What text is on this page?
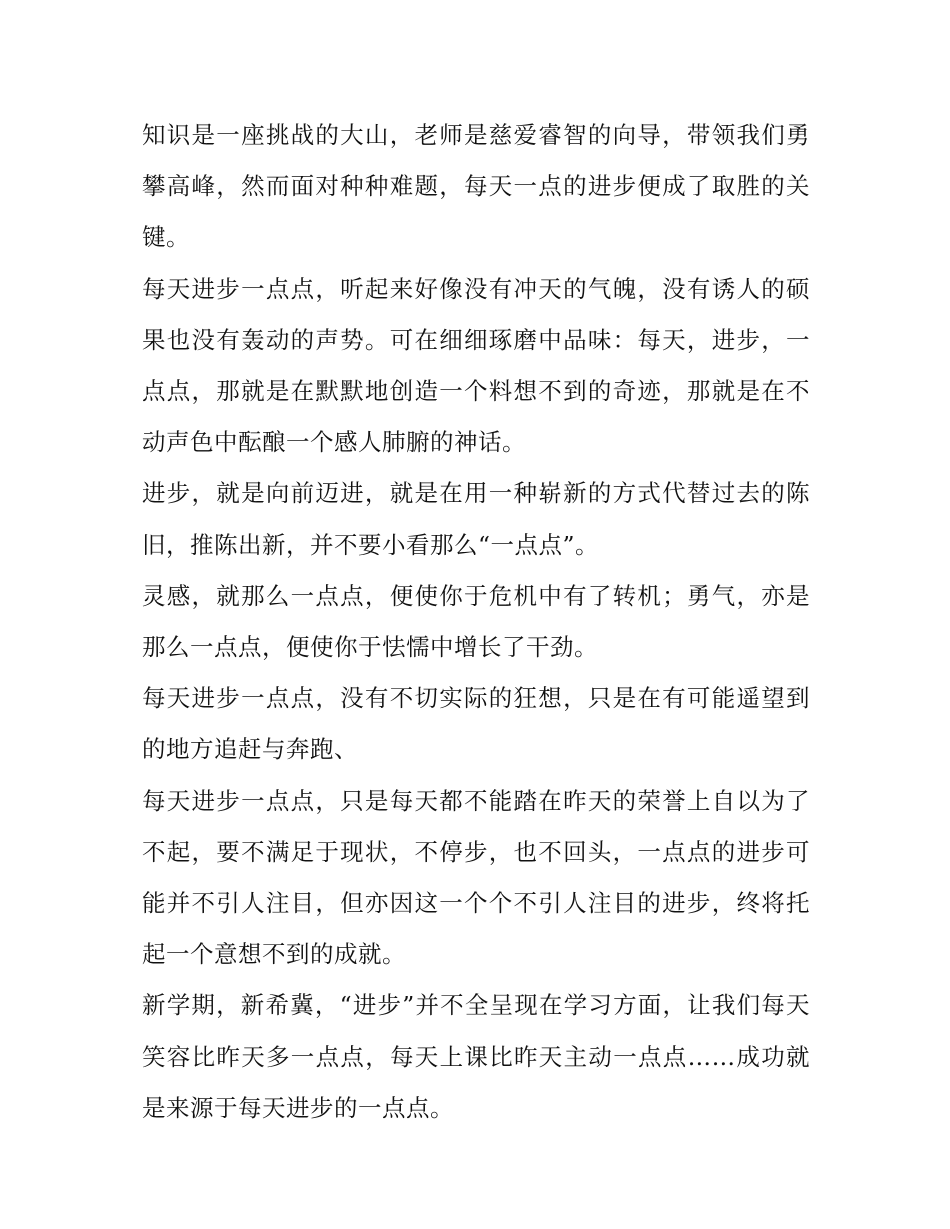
知识是一座挑战的大山，老师是慈爱睿智的向导，带领我们勇攀高峰，然而面对种种难题，每天一点的进步便成了取胜的关键。

每天进步一点点，听起来好像没有冲天的气魄，没有诱人的硕果也没有轰动的声势。可在细细琢磨中品味：每天，进步，一点点，那就是在默默地创造一个料想不到的奇迹，那就是在不动声色中酝酿一个感人肺腑的神话。

进步，就是向前迈进，就是在用一种崭新的方式代替过去的陈旧，推陈出新，并不要小看那么“一点点”。

灵感，就那么一点点，便使你于危机中有了转机；勇气，亦是那么一点点，便使你于怯懦中增长了干劲。

每天进步一点点，没有不切实际的狂想，只是在有可能遥望到的地方追赶与奔跑、

每天进步一点点，只是每天都不能踏在昨天的荣誉上自以为了不起，要不满足于现状，不停步，也不回头，一点点的进步可能并不引人注目，但亦因这一个个不引人注目的进步，终将托起一个意想不到的成就。

新学期，新希冀，“进步”并不全呈现在学习方面，让我们每天笑容比昨天多一点点，每天上课比昨天主动一点点……成功就是来源于每天进步的一点点。
